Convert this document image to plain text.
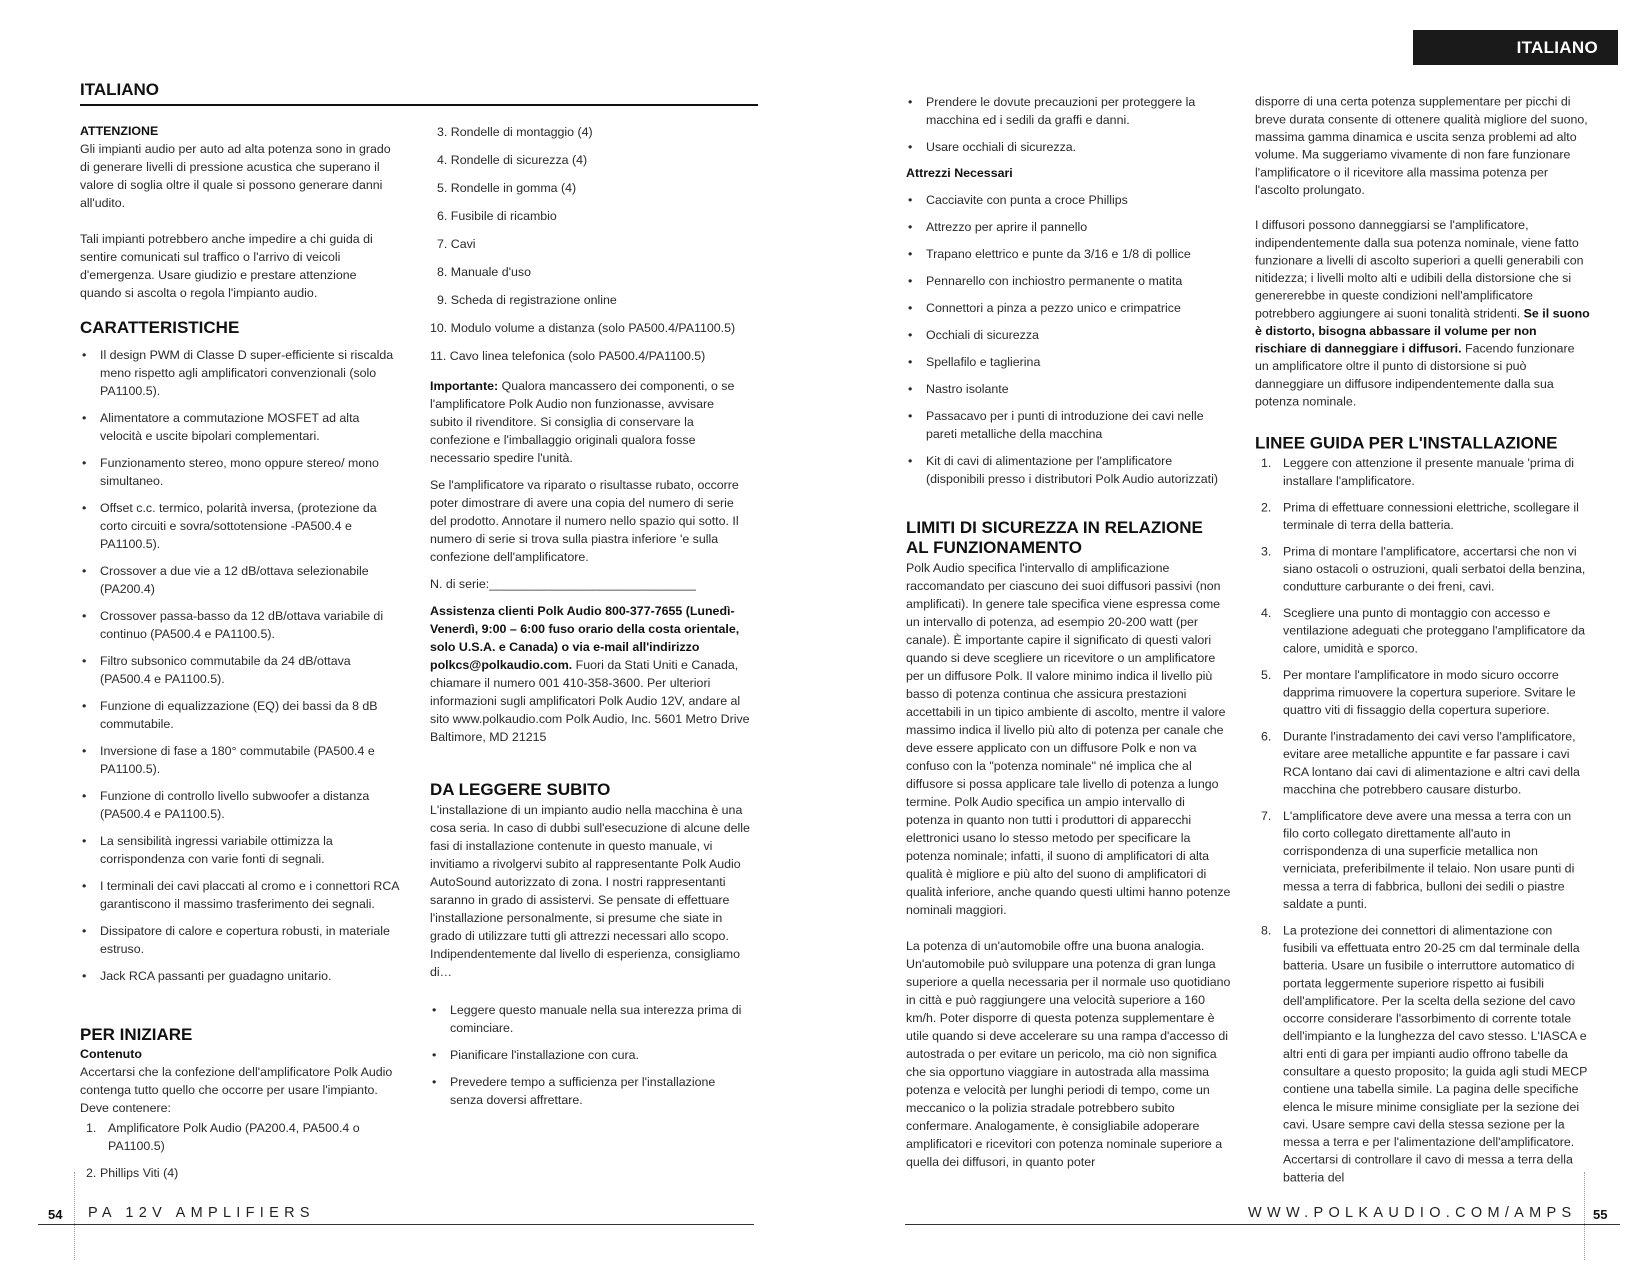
ITALIANO
ITALIANO
ATTENZIONE

Gli impianti audio per auto ad alta potenza sono in grado di generare livelli di pressione acustica che superano il valore di soglia oltre il quale si possono generare danni all'udito.

Tali impianti potrebbero anche impedire a chi guida di sentire comunicati sul traffico o l'arrivo di veicoli d'emergenza. Usare giudizio e prestare attenzione quando si ascolta o regola l'impianto audio.

CARATTERISTICHE
• Il design PWM di Classe D super-efficiente si riscalda meno rispetto agli amplificatori convenzionali (solo PA1100.5).
• Alimentatore a commutazione MOSFET ad alta velocità e uscite bipolari complementari.
• Funzionamento stereo, mono oppure stereo/ mono simultaneo.
• Offset c.c. termico, polarità inversa, (protezione da corto circuiti e sovra/sottotensione -PA500.4 e PA1100.5).
• Crossover a due vie a 12 dB/ottava selezionabile (PA200.4)
• Crossover passa-basso da 12 dB/ottava variabile di continuo (PA500.4 e PA1100.5).
• Filtro subsonico commutabile da 24 dB/ottava (PA500.4 e PA1100.5).
• Funzione di equalizzazione (EQ) dei bassi da 8 dB commutabile.
• Inversione di fase a 180° commutabile (PA500.4 e PA1100.5).
• Funzione di controllo livello subwoofer a distanza (PA500.4 e PA1100.5).
• La sensibilità ingressi variabile ottimizza la corrispondenza con varie fonti di segnali.
• I terminali dei cavi placcati al cromo e i connettori RCA garantiscono il massimo trasferimento dei segnali.
• Dissipatore di calore e copertura robusti, in materiale estruso.
• Jack RCA passanti per guadagno unitario.
PER INIZIARE
Contenuto

Accertarsi che la confezione dell'amplificatore Polk Audio contenga tutto quello che occorre per usare l'impianto. Deve contenere:

1. Amplificatore Polk Audio (PA200.4, PA500.4 o PA1100.5)
2. Phillips Viti (4)
3. Rondelle di montaggio (4)
4. Rondelle di sicurezza (4)
5. Rondelle in gomma (4)
6. Fusibile di ricambio
7. Cavi
8. Manuale d'uso
9. Scheda di registrazione online
10. Modulo volume a distanza (solo PA500.4/PA1100.5)
11. Cavo linea telefonica (solo PA500.4/PA1100.5)

Importante: Qualora mancassero dei componenti, o se l'amplificatore Polk Audio non funzionasse, avvisare subito il rivenditore. Si consiglia di conservare la confezione e l'imballaggio originali qualora fosse necessario spedire l'unità.

Se l'amplificatore va riparato o risultasse rubato, occorre poter dimostrare di avere una copia del numero di serie del prodotto. Annotare il numero nello spazio qui sotto. Il numero di serie si trova sulla piastra inferiore 'e sulla confezione dell'amplificatore.

N. di serie:______________________________

Assistenza clienti Polk Audio 800-377-7655 (Lunedì-Venerdì, 9:00 – 6:00 fuso orario della costa orientale, solo U.S.A. e Canada) o via e-mail all'indirizzo polkcs@polkaudio.com. Fuori da Stati Uniti e Canada, chiamare il numero 001 410-358-3600. Per ulteriori informazioni sugli amplificatori Polk Audio 12V, andare al sito www.polkaudio.com Polk Audio, Inc. 5601 Metro Drive Baltimore, MD 21215

DA LEGGERE SUBITO

L'installazione di un impianto audio nella macchina è una cosa seria. In caso di dubbi sull'esecuzione di alcune delle fasi di installazione contenute in questo manuale, vi invitiamo a rivolgervi subito al rappresentante Polk Audio AutoSound autorizzato di zona. I nostri rappresentanti saranno in grado di assistervi. Se pensate di effettuare l'installazione personalmente, si presume che siate in grado di utilizzare tutti gli attrezzi necessari allo scopo. Indipendentemente dal livello di esperienza, consigliamo di…

• Leggere questo manuale nella sua interezza prima di cominciare.
• Pianificare l'installazione con cura.
• Prevedere tempo a sufficienza per l'installazione senza doversi affrettare.
• Prendere le dovute precauzioni per proteggere la macchina ed i sedili da graffi e danni.
• Usare occhiali di sicurezza.
Attrezzi Necessari
• Cacciavite con punta a croce Phillips
• Attrezzo per aprire il pannello
• Trapano elettrico e punte da 3/16 e 1/8 di pollice
• Pennarello con inchiostro permanente o matita
• Connettori a pinza a pezzo unico e crimpatrice
• Occhiali di sicurezza
• Spellafilo e taglierina
• Nastro isolante
• Passacavo per i punti di introduzione dei cavi nelle pareti metalliche della macchina
• Kit di cavi di alimentazione per l'amplificatore (disponibili presso i distributori Polk Audio autorizzati)
LIMITI DI SICUREZZA IN RELAZIONE AL FUNZIONAMENTO

Polk Audio specifica l'intervallo di amplificazione raccomandato per ciascuno dei suoi diffusori passivi (non amplificati). In genere tale specifica viene espressa come un intervallo di potenza, ad esempio 20-200 watt (per canale). È importante capire il significato di questi valori quando si deve scegliere un ricevitore o un amplificatore per un diffusore Polk. Il valore minimo indica il livello più basso di potenza continua che assicura prestazioni accettabili in un tipico ambiente di ascolto, mentre il valore massimo indica il livello più alto di potenza per canale che deve essere applicato con un diffusore Polk e non va confuso con la "potenza nominale" né implica che al diffusore si possa applicare tale livello di potenza a lungo termine. Polk Audio specifica un ampio intervallo di potenza in quanto non tutti i produttori di apparecchi elettronici usano lo stesso metodo per specificare la potenza nominale; infatti, il suono di amplificatori di alta qualità è migliore e più alto del suono di amplificatori di qualità inferiore, anche quando questi ultimi hanno potenze nominali maggiori.

La potenza di un'automobile offre una buona analogia. Un'automobile può sviluppare una potenza di gran lunga superiore a quella necessaria per il normale uso quotidiano in città e può raggiungere una velocità superiore a 160 km/h. Poter disporre di questa potenza supplementare è utile quando si deve accelerare su una rampa d'accesso di autostrada o per evitare un pericolo, ma ciò non significa che sia opportuno viaggiare in autostrada alla massima potenza e velocità per lunghi periodi di tempo, come un meccanico o la polizia stradale potrebbero subito confermare. Analogamente, è consigliabile adoperare amplificatori e ricevitori con potenza nominale superiore a quella dei diffusori, in quanto poter

disporre di una certa potenza supplementare per picchi di breve durata consente di ottenere qualità migliore del suono, massima gamma dinamica e uscita senza problemi ad alto volume. Ma suggeriamo vivamente di non fare funzionare l'amplificatore o il ricevitore alla massima potenza per l'ascolto prolungato.

I diffusori possono danneggiarsi se l'amplificatore, indipendentemente dalla sua potenza nominale, viene fatto funzionare a livelli di ascolto superiori a quelli generabili con nitidezza; i livelli molto alti e udibili della distorsione che si genererebbe in queste condizioni nell'amplificatore potrebbero aggiungere ai suoni tonalità stridenti. Se il suono è distorto, bisogna abbassare il volume per non rischiare di danneggiare i diffusori. Facendo funzionare un amplificatore oltre il punto di distorsione si può danneggiare un diffusore indipendentemente dalla sua potenza nominale.

LINEE GUIDA PER L'INSTALLAZIONE
1. Leggere con attenzione il presente manuale 'prima di installare l'amplificatore.
2. Prima di effettuare connessioni elettriche, scollegare il terminale di terra della batteria.
3. Prima di montare l'amplificatore, accertarsi che non vi siano ostacoli o ostruzioni, quali serbatoi della benzina, condutture carburante o dei freni, cavi.
4. Scegliere una punto di montaggio con accesso e ventilazione adeguati che proteggano l'amplificatore da calore, umidità e sporco.
5. Per montare l'amplificatore in modo sicuro occorre dapprima rimuovere la copertura superiore. Svitare le quattro viti di fissaggio della copertura superiore.
6. Durante l'instradamento dei cavi verso l'amplificatore, evitare aree metalliche appuntite e far passare i cavi RCA lontano dai cavi di alimentazione e altri cavi della macchina che potrebbero causare disturbo.
7. L'amplificatore deve avere una messa a terra con un filo corto collegato direttamente all'auto in corrispondenza di una superficie metallica non verniciata, preferibilmente il telaio. Non usare punti di messa a terra di fabbrica, bulloni dei sedili o piastre saldate a punti.
8. La protezione dei connettori di alimentazione con fusibili va effettuata entro 20-25 cm dal terminale della batteria. Usare un fusibile o interruttore automatico di portata leggermente superiore rispetto ai fusibili dell'amplificatore. Per la scelta della sezione del cavo occorre considerare l'assorbimento di corrente totale dell'impianto e la lunghezza del cavo stesso. L'IASCA e altri enti di gara per impianti audio offrono tabelle da consultare a questo proposito; la guida agli studi MECP contiene una tabella simile. La pagina delle specifiche elenca le misure minime consigliate per la sezione dei cavi. Usare sempre cavi della stessa sezione per la messa a terra e per l'alimentazione dell'amplificatore. Accertarsi di controllare il cavo di messa a terra della batteria del
54 PA 12V AMPLIFIERS	WWW.POLKAUDIO.COM/AMPS 55
